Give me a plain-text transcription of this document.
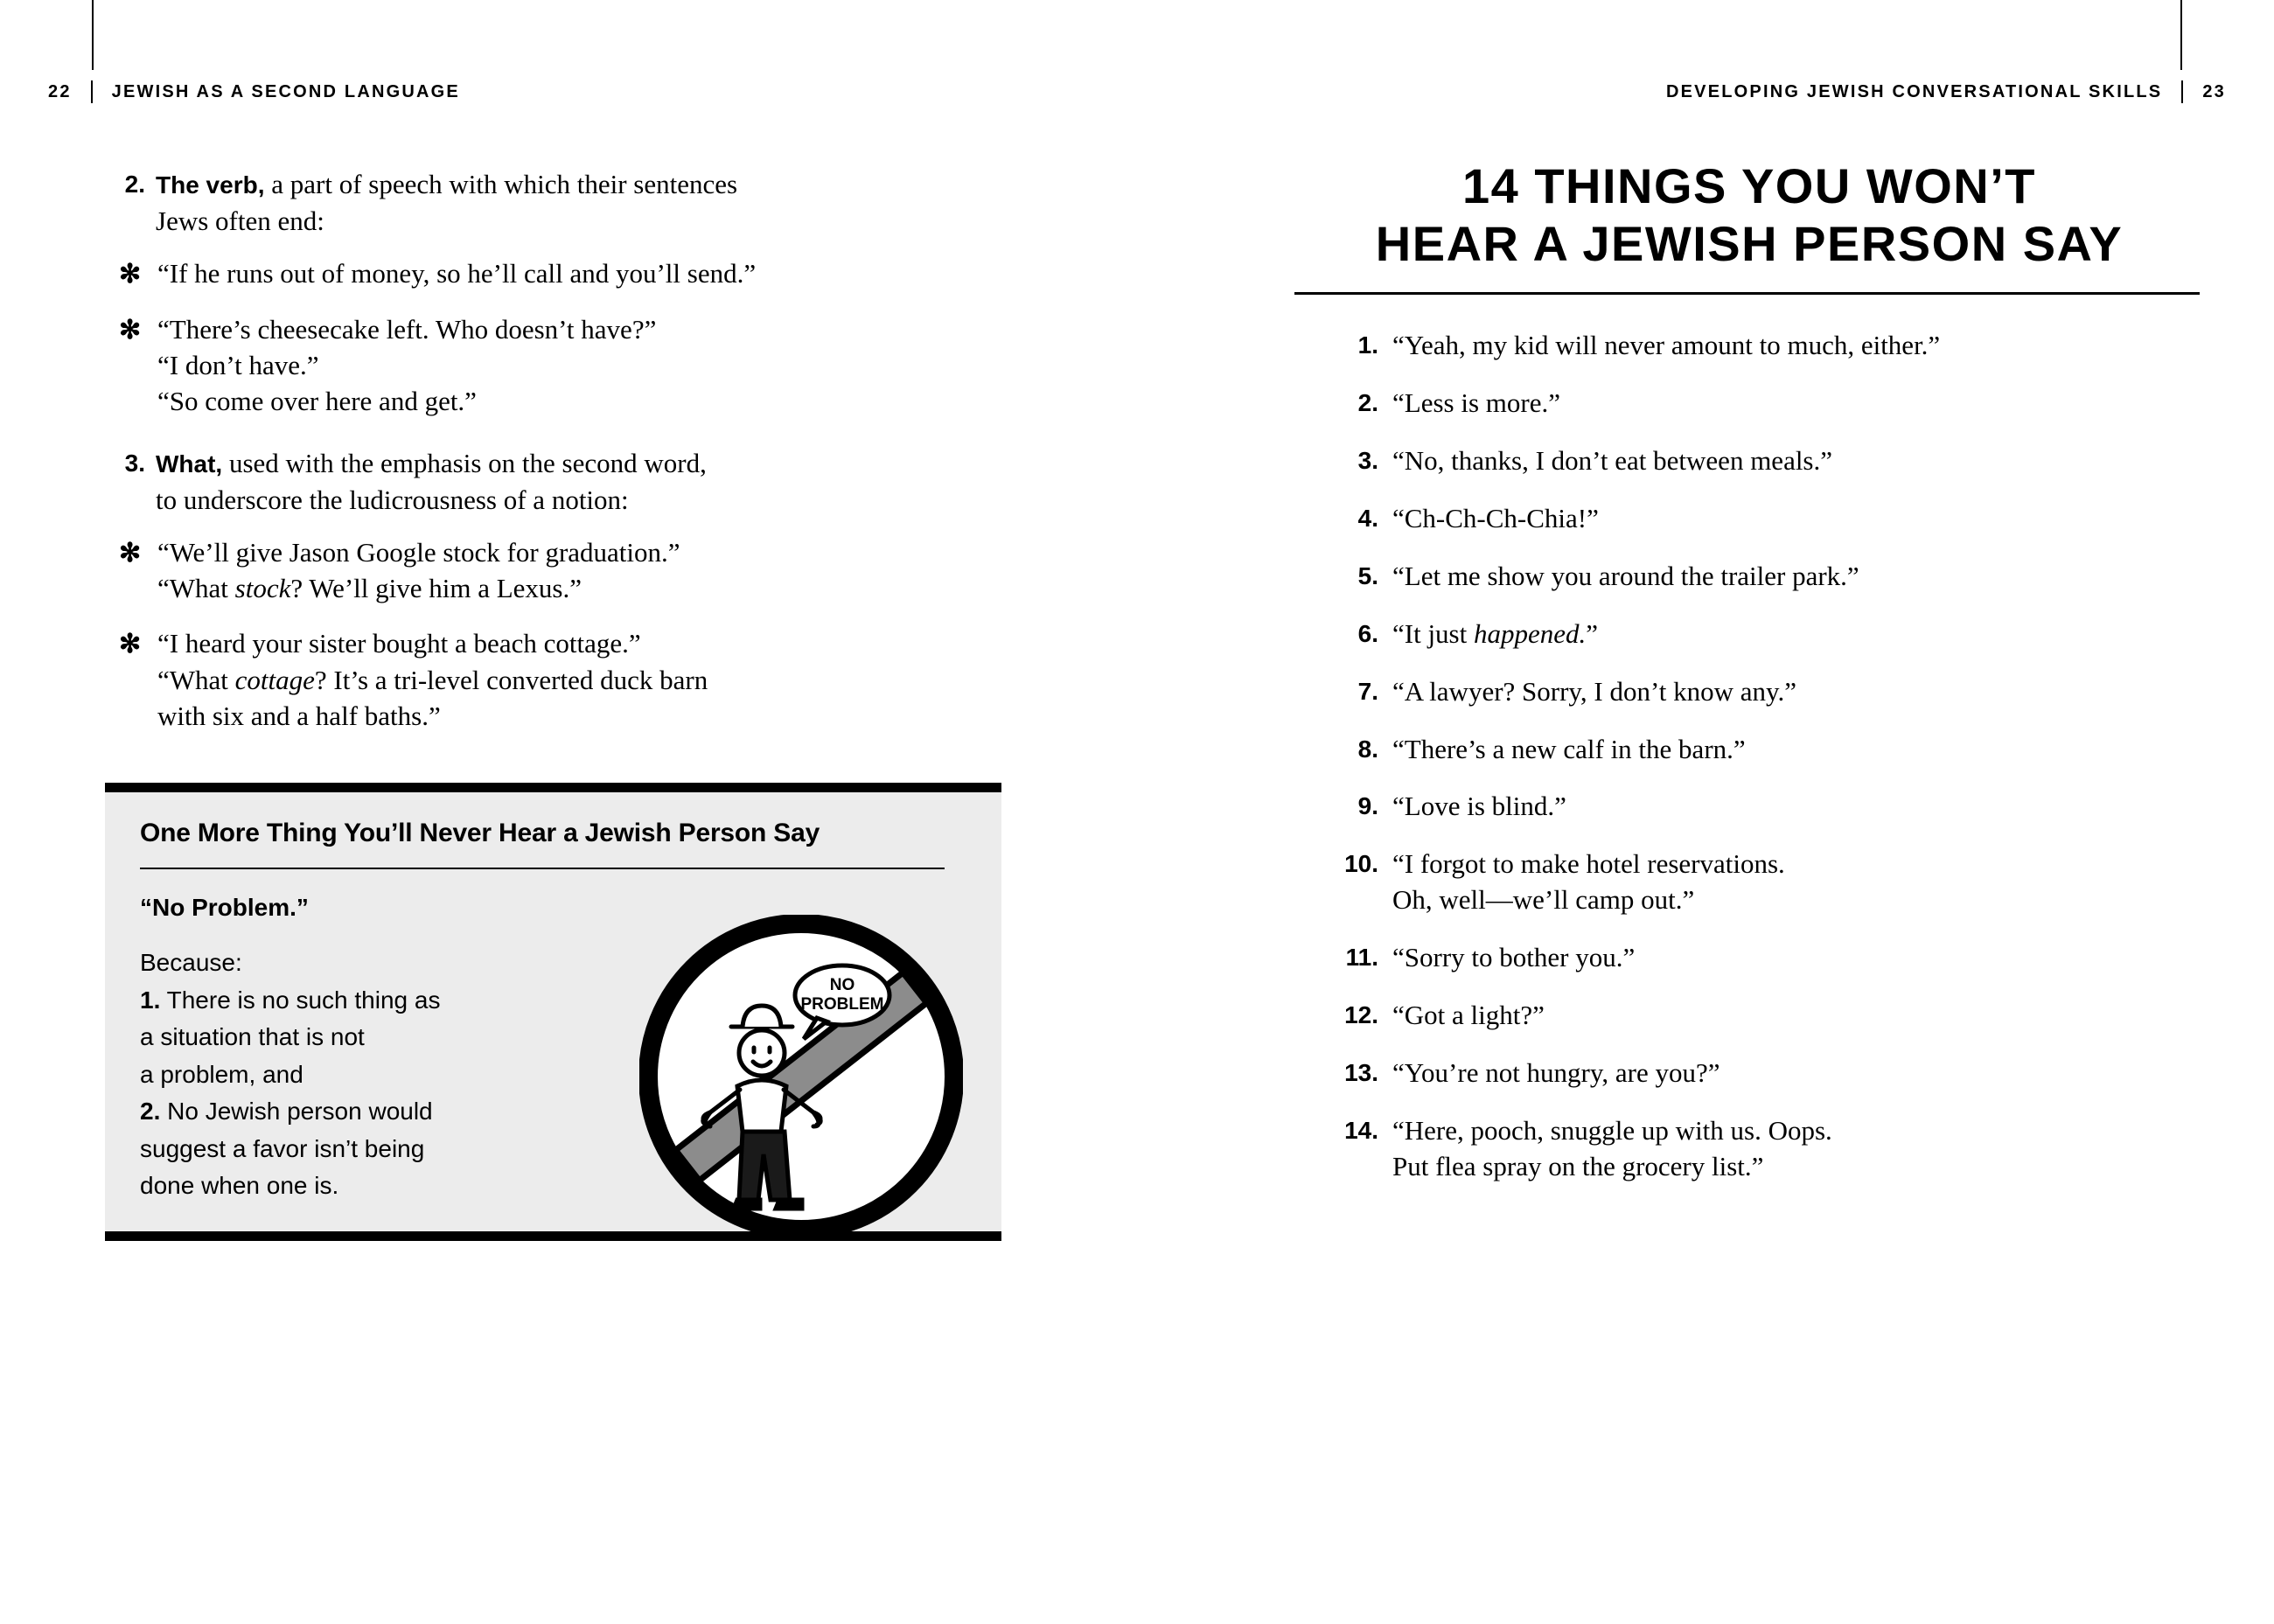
22	JEWISH AS A SECOND LANGUAGE	DEVELOPING JEWISH CONVERSATIONAL SKILLS 23
2. The verb, a part of speech with which their sentences
Jews often end:
✻ “If he runs out of money, so he’ll call and you’ll send.”
✻ “There’s cheesecake left. Who doesn’t have?”
“I don’t have.”
“So come over here and get.”
3. What, used with the emphasis on the second word,
to underscore the ludicrousness of a notion:
✻ “We’ll give Jason Google stock for graduation.”
“What stock? We’ll give him a Lexus.”
✻ “I heard your sister bought a beach cottage.”
“What cottage? It’s a tri-level converted duck barn
with six and a half baths.”
One More Thing You’ll Never Hear a Jewish Person Say
“No Problem.”
Because:
1. There is no such thing as
a situation that is not
a problem, and
2. No Jewish person would
suggest a favor isn’t being
done when one is.
NO
PROBLEM
14 THINGS YOU WON’T
HEAR A JEWISH PERSON SAY
1. “Yeah, my kid will never amount to much, either.”
2. “Less is more.”
3. “No, thanks, I don’t eat between meals.”
4. “Ch-Ch-Ch-Chia!”
5. “Let me show you around the trailer park.”
6. “It just happened.”
7. “A lawyer? Sorry, I don’t know any.”
8. “There’s a new calf in the barn.”
9. “Love is blind.”
10. “I forgot to make hotel reservations.
Oh, well—we’ll camp out.”
11. “Sorry to bother you.”
12. “Got a light?”
13. “You’re not hungry, are you?”
14. “Here, pooch, snuggle up with us. Oops.
Put flea spray on the grocery list.”
